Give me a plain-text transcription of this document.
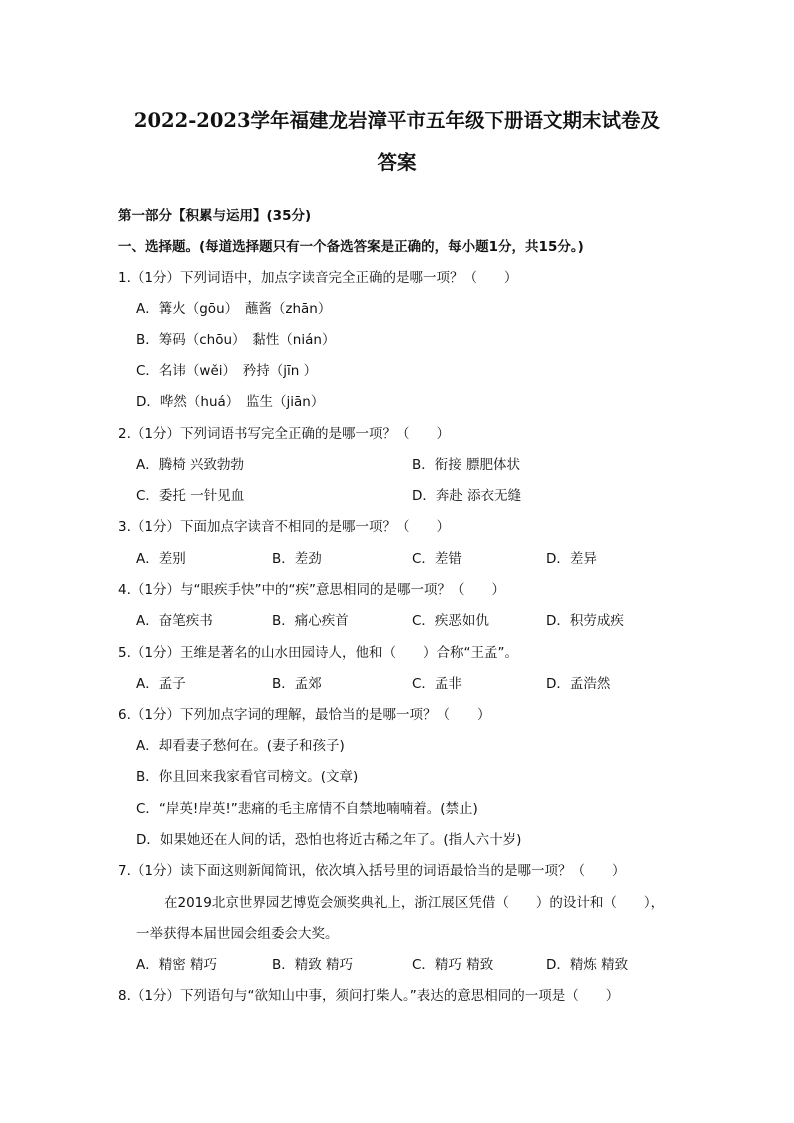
2022-2023学年福建龙岩漳平市五年级下册语文期末试卷及
答案
第一部分【积累与运用】(35分)
一、选择题。(每道选择题只有一个备选答案是正确的，每小题1分，共15分。)
1.（1分）下列词语中，加点字读音完全正确的是哪一项？（　　）
A．篝火（gōu）　蘸酱（zhān）
B．筹码（chōu）　黏性（nián）
C．名讳（wěi）　矜持（jīn ）
D．哗然（huá）　监生（jiān）
2.（1分）下列词语书写完全正确的是哪一项？（　　）
A．腾椅 兴致勃勃	B．衔接 膘肥体状
C．委托 一针见血	D．奔赴 添衣无缝
3.（1分）下面加点字读音不相同的是哪一项？（　　）
A．差别	B．差劲	C．差错	D．差异
4.（1分）与“眼疾手快”中的“疾”意思相同的是哪一项？（　　）
A．奋笔疾书	B．痛心疾首	C．疾恶如仇	D．积劳成疾
5.（1分）王维是著名的山水田园诗人，他和（　　）合称“王孟”。
A．孟子	B．孟郊	C．孟非	D．孟浩然
6.（1分）下列加点字词的理解，最恰当的是哪一项？（　　）
A．却看妻子愁何在。(妻子和孩子)
B．你且回来我家看官司榜文。(文章)
C．“岸英!岸英!”悲痛的毛主席情不自禁地喃喃着。(禁止)
D．如果她还在人间的话，恐怕也将近古稀之年了。(指人六十岁)
7.（1分）读下面这则新闻简讯，依次填入括号里的词语最恰当的是哪一项？（　　）
在2019北京世界园艺博览会颁奖典礼上，浙江展区凭借（　　）的设计和（　　），
一举获得本届世园会组委会大奖。
A．精密 精巧	B．精致 精巧	C．精巧 精致	D．精炼 精致
8.（1分）下列语句与“欲知山中事，须问打柴人。”表达的意思相同的一项是（　　）
